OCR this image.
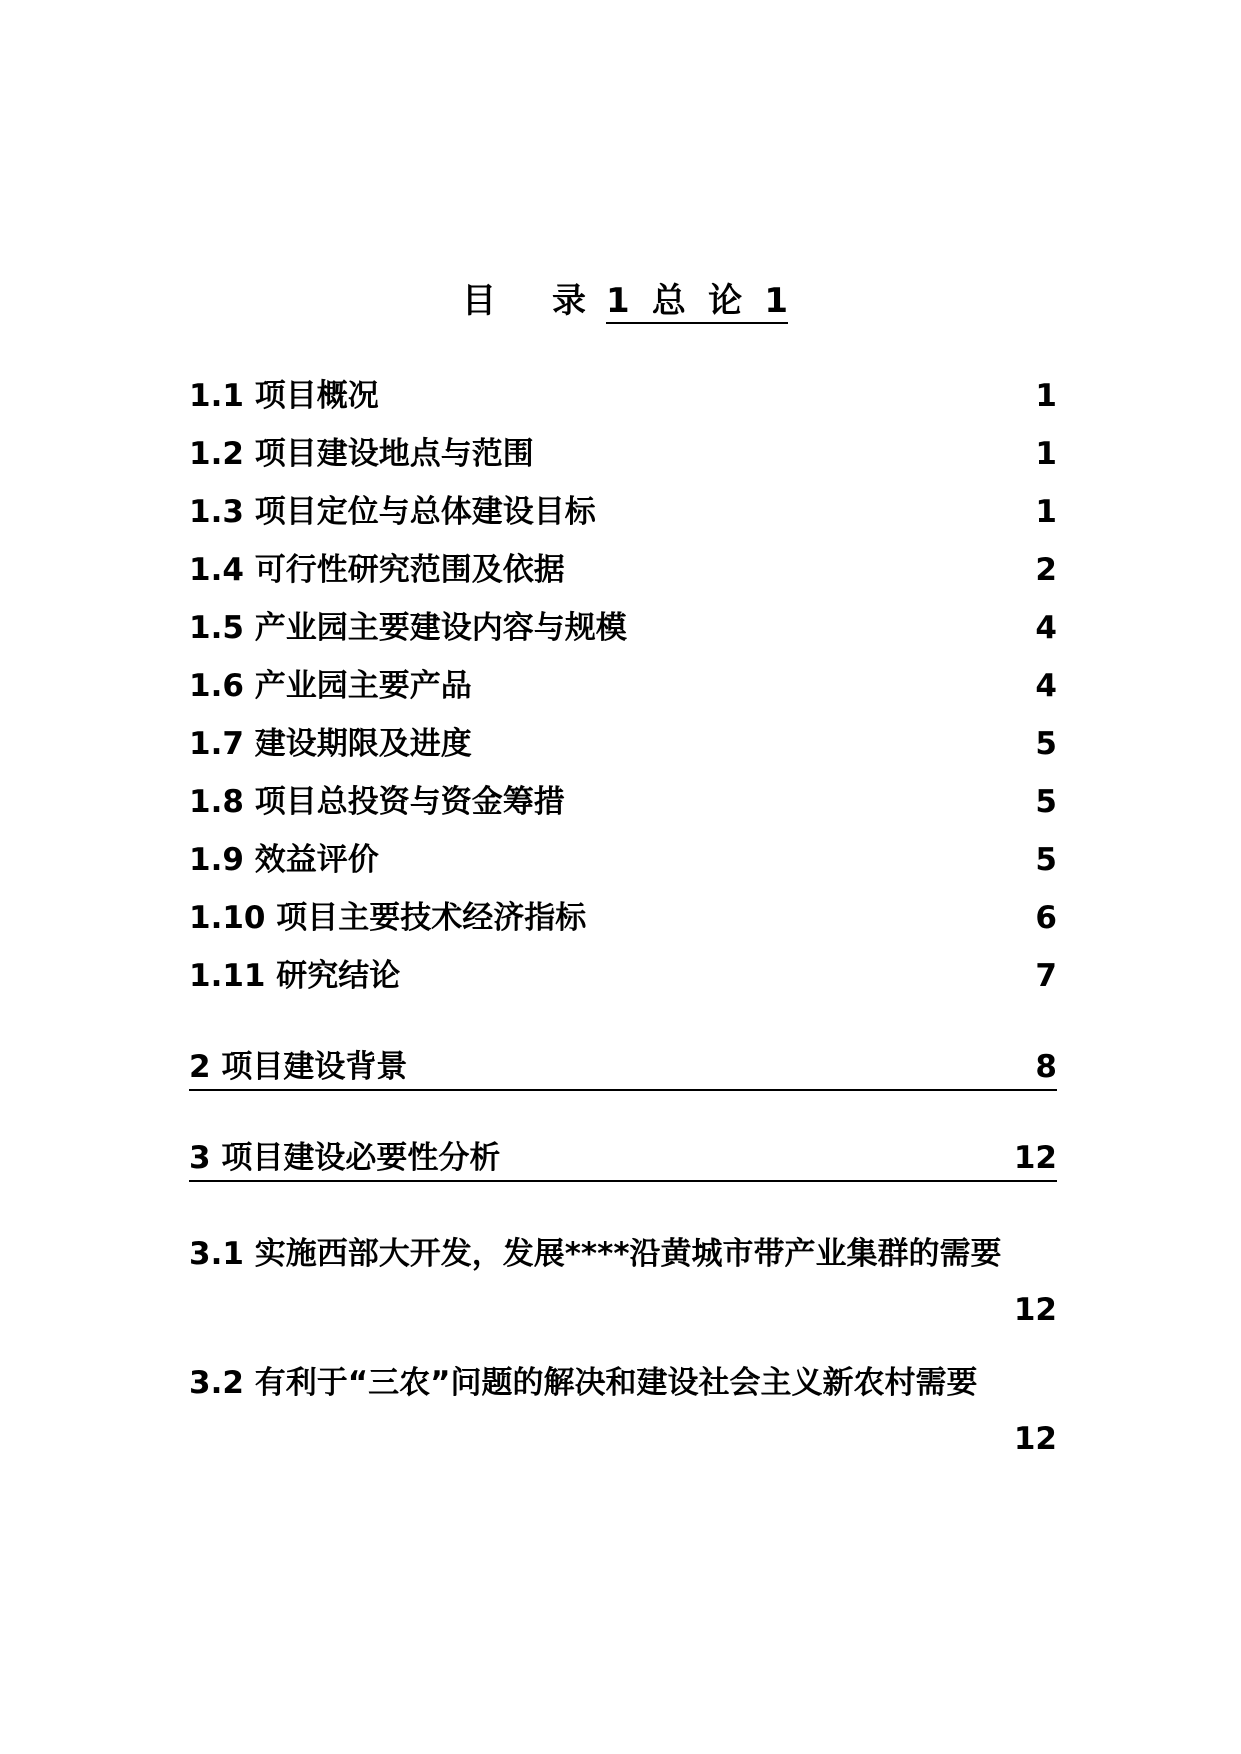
目 录 1 总 论 1
1.1 项目概况	1
1.2 项目建设地点与范围	1
1.3 项目定位与总体建设目标	1
1.4 可行性研究范围及依据	2
1.5 产业园主要建设内容与规模	4
1.6 产业园主要产品	4
1.7 建设期限及进度	5
1.8 项目总投资与资金筹措	5
1.9 效益评价	5
1.10 项目主要技术经济指标	6
1.11 研究结论	7
2 项目建设背景	8
3 项目建设必要性分析	12
3.1 实施西部大开发，发展****沿黄城市带产业集群的需要
12
3.2 有利于“三农”问题的解决和建设社会主义新农村需要
12
